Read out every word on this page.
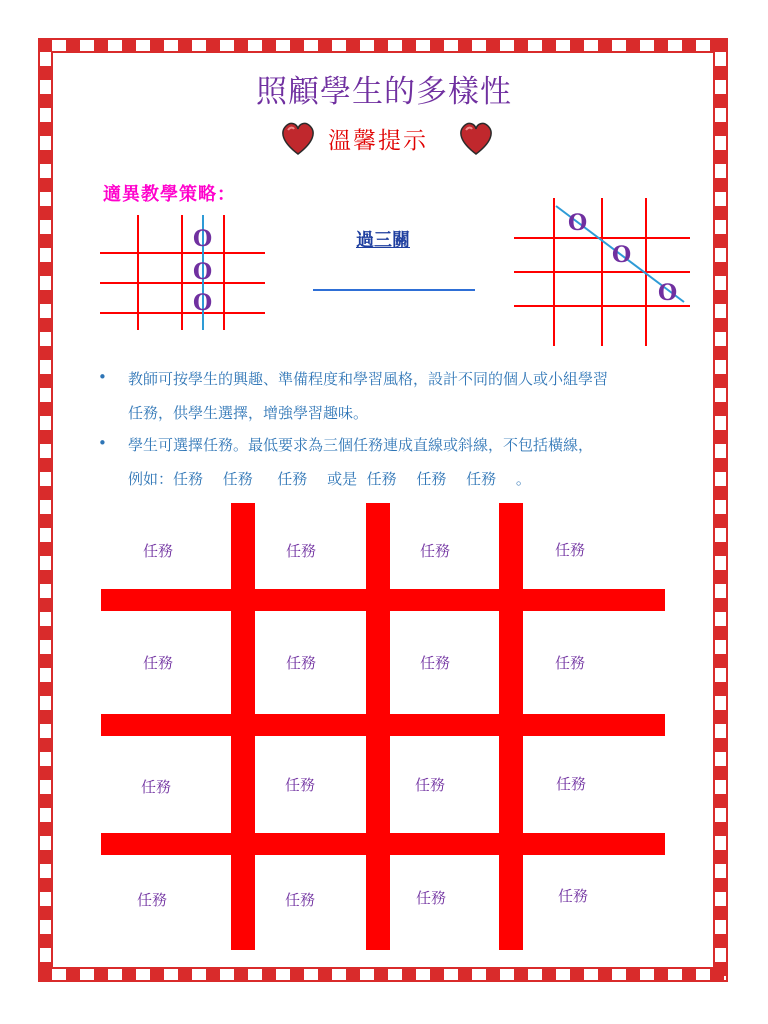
照顧學生的多樣性
溫馨提示
適異教學策略：
O
O
O
過三關
O
O
O
• 教師可按學生的興趣、準備程度和學習風格，設計不同的個人或小組學習
任務，供學生選擇，增強學習趣味。
• 學生可選擇任務。最低要求為三個任務連成直線或斜線，不包括橫線，
例如：任務　 任務　  任務　 或是  任務　 任務　 任務　 。
任務	任務	任務	任務
任務	任務	任務	任務
任務	任務	任務	任務
任務	任務	任務	任務
